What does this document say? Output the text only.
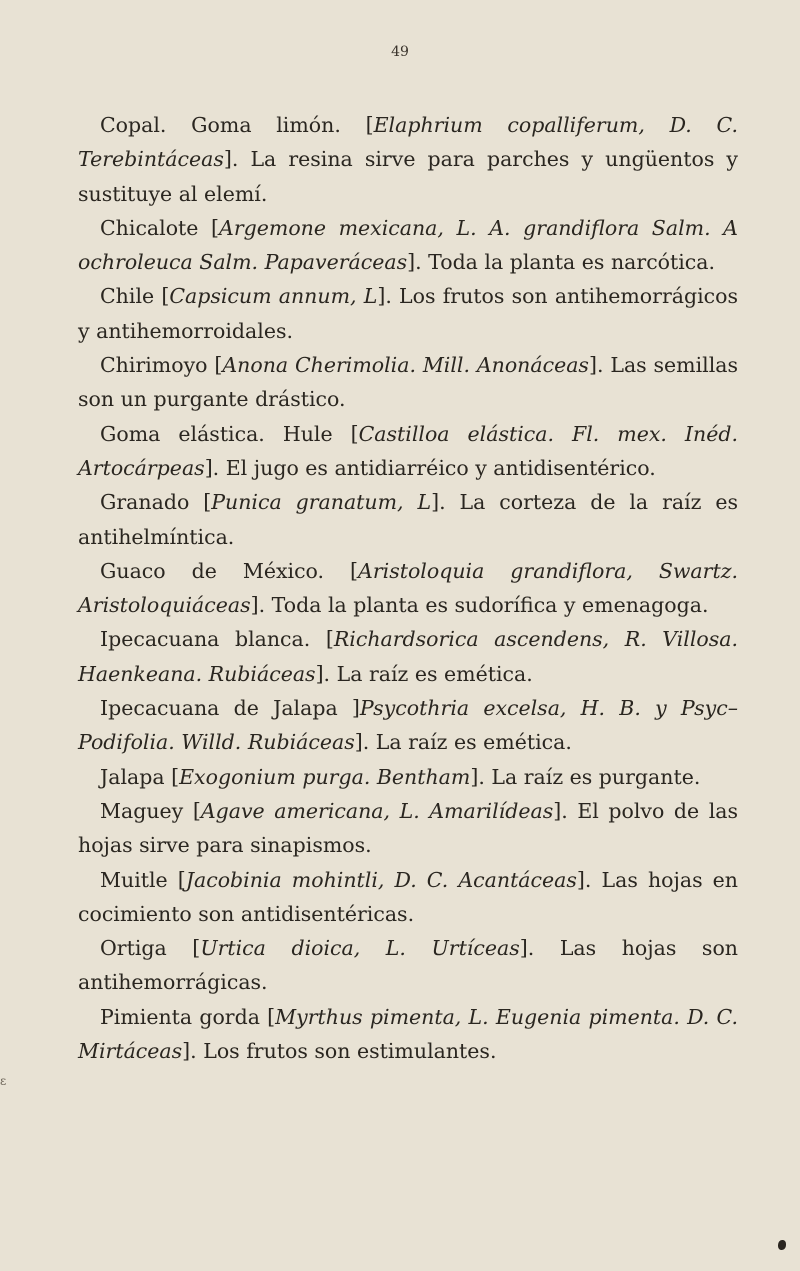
49

Copal. Goma limón. [Elaphrium copalliferum, D. C. Terebintáceas]. La resina sirve para parches y ungüentos y sustituye al elemí.

Chicalote [Argemone mexicana, L. A. grandiflora Salm. A ochroleuca Salm. Papaveráceas]. Toda la planta es narcótica.

Chile [Capsicum annum, L]. Los frutos son antihemorrágicos y antihemorroidales.

Chirimoyo [Anona Cherimolia. Mill. Anonáceas]. Las semillas son un purgante drástico.

Goma elástica. Hule [Castilloa elástica. Fl. mex. Inéd. Artocárpeas]. El jugo es antidiarréico y antidisentérico.

Granado [Punica granatum, L]. La corteza de la raíz es antihelmíntica.

Guaco de México. [Aristoloquia grandiflora, Swartz. Aristoloquiáceas]. Toda la planta es sudorífica y emenagoga.

Ipecacuana blanca. [Richardsorica ascendens, R. Villosa. Haenkeana. Rubiáceas]. La raíz es emética.

Ipecacuana de Jalapa ]Psycothria excelsa, H. B. y Psyc–Podifolia. Willd. Rubiáceas]. La raíz es emética.

Jalapa [Exogonium purga. Bentham]. La raíz es purgante.

Maguey [Agave americana, L. Amarilídeas]. El polvo de las hojas sirve para sinapismos.

Muitle [Jacobinia mohintli, D. C. Acantáceas]. Las hojas en cocimiento son antidisentéricas.

Ortiga [Urtica dioica, L. Urtíceas]. Las hojas son antihemorrágicas.

Pimienta gorda [Myrthus pimenta, L. Eugenia pimenta. D. C. Mirtáceas]. Los frutos son estimulantes.

ε
